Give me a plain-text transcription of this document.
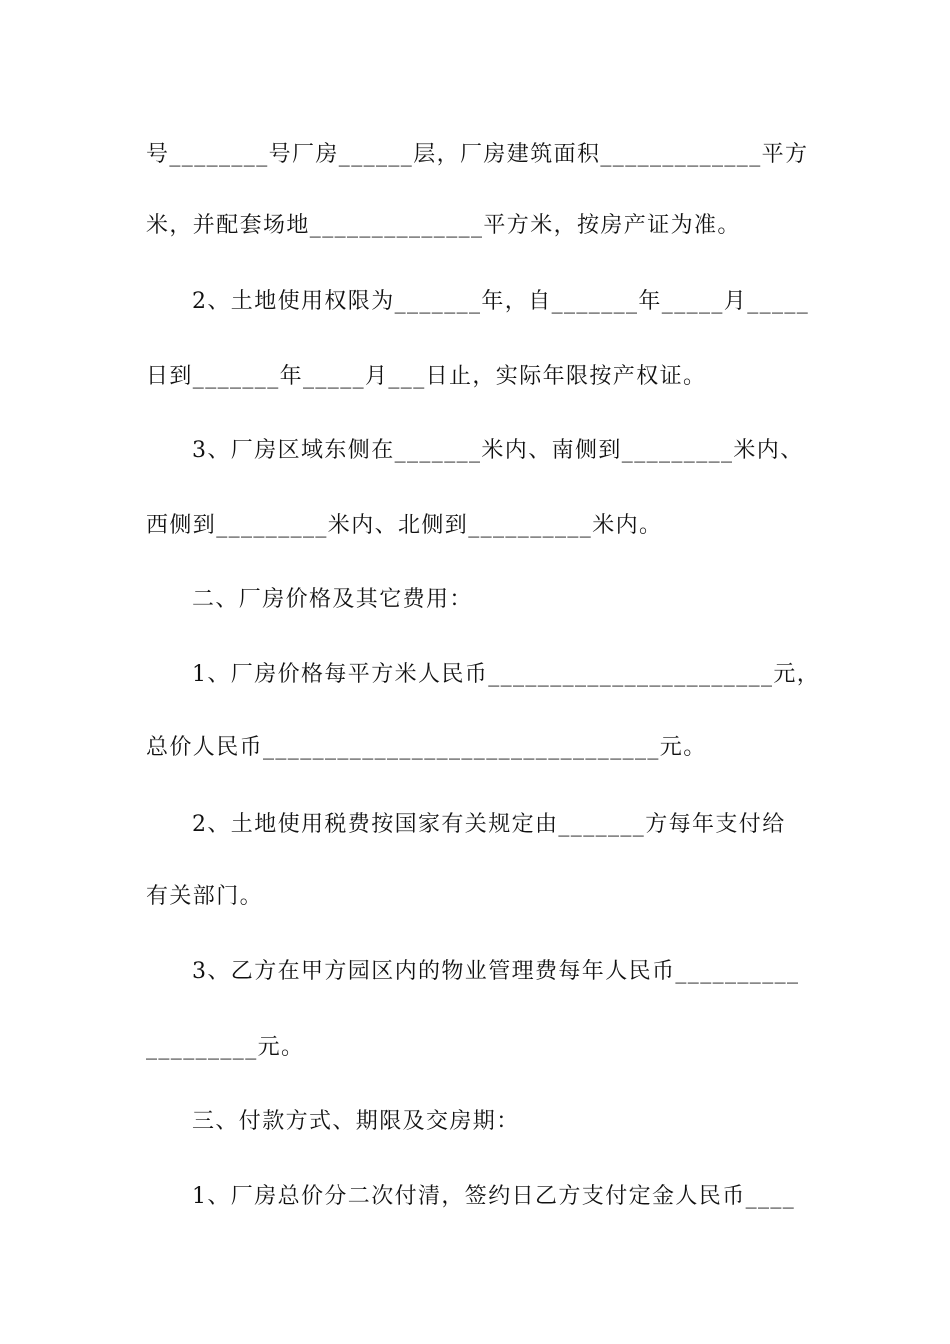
号________号厂房______层，厂房建筑面积_____________平方
米，并配套场地______________平方米，按房产证为准。
2、土地使用权限为_______年，自_______年_____月_____
日到_______年_____月___日止，实际年限按产权证。
3、厂房区域东侧在_______米内、南侧到_________米内、
西侧到_________米内、北侧到__________米内。
二、厂房价格及其它费用：
1、厂房价格每平方米人民币_______________________元，
总价人民币________________________________元。
2、土地使用税费按国家有关规定由_______方每年支付给
有关部门。
3、乙方在甲方园区内的物业管理费每年人民币__________
_________元。
三、付款方式、期限及交房期：
1、厂房总价分二次付清，签约日乙方支付定金人民币____
